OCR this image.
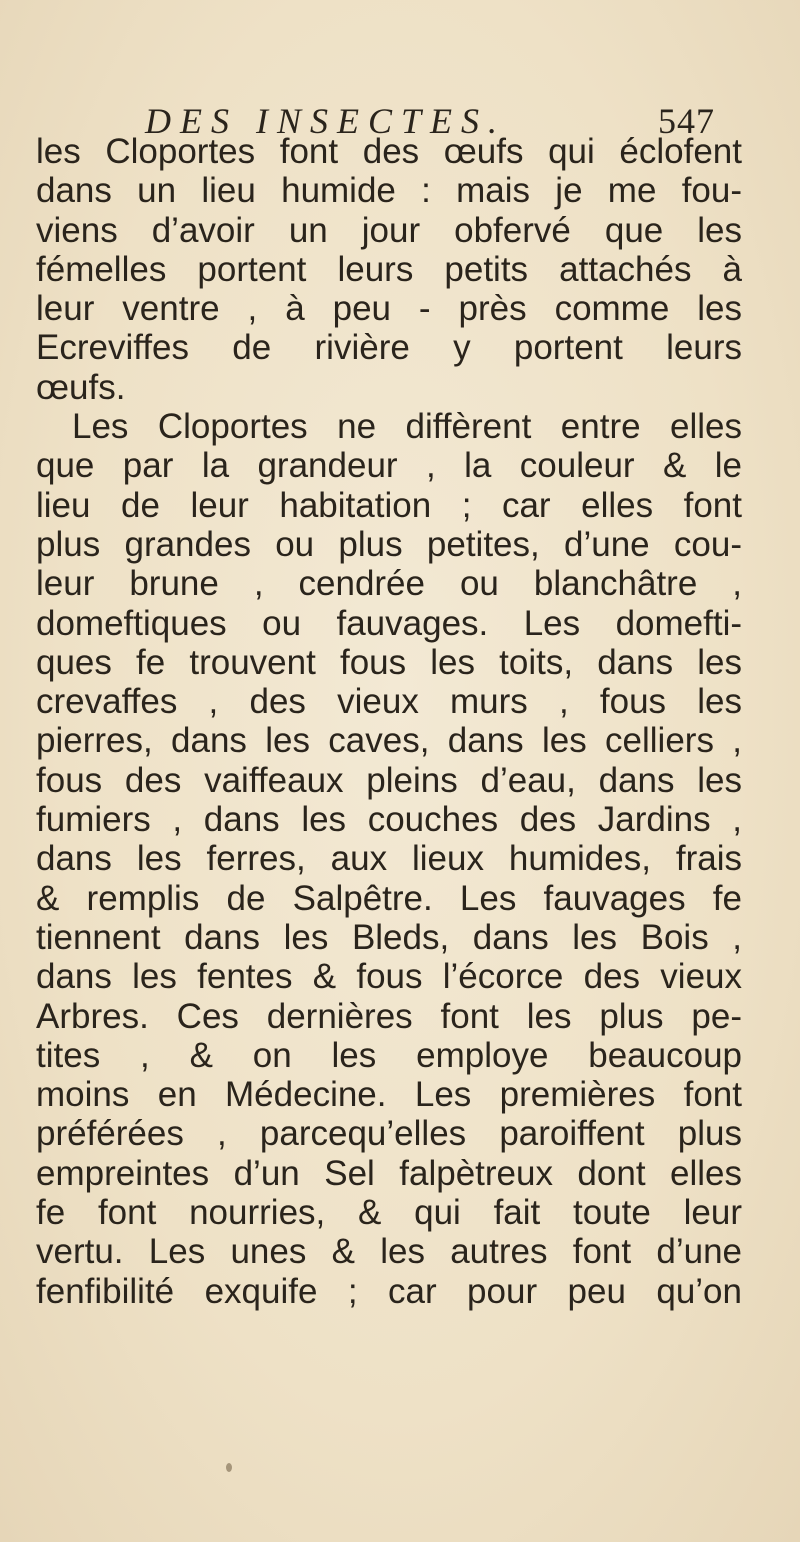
DES INSECTES.	547
les Cloportes font des œufs qui éclofent
dans un lieu humide : mais je me fou-
viens d’avoir un jour obfervé que les
fémelles portent leurs petits attachés à
leur ventre , à peu - près comme les
Ecreviffes de rivière y portent leurs
œufs.
Les Cloportes ne diffèrent entre elles
que par la grandeur , la couleur & le
lieu de leur habitation ; car elles font
plus grandes ou plus petites, d’une cou-
leur brune , cendrée ou blanchâtre ,
domeftiques ou fauvages. Les domefti-
ques fe trouvent fous les toits, dans les
crevaffes , des vieux murs , fous les
pierres, dans les caves, dans les celliers ,
fous des vaiffeaux pleins d’eau, dans les
fumiers , dans les couches des Jardins ,
dans les ferres, aux lieux humides, frais
& remplis de Salpêtre. Les fauvages fe
tiennent dans les Bleds, dans les Bois ,
dans les fentes & fous l’écorce des vieux
Arbres. Ces dernières font les plus pe-
tites , & on les employe beaucoup
moins en Médecine. Les premières font
préférées , parcequ’elles paroiffent plus
empreintes d’un Sel falpètreux dont elles
fe font nourries, & qui fait toute leur
vertu. Les unes & les autres font d’une
fenfibilité exquife ; car pour peu qu’on
